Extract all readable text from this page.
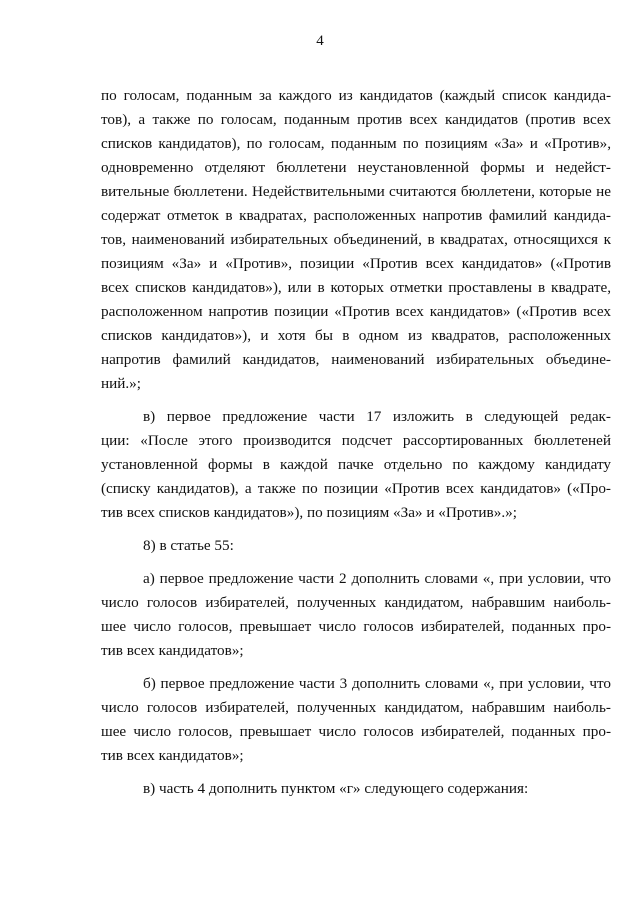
4
по голосам, поданным за каждого из кандидатов (каждый список кандида-
тов), а также по голосам, поданным против всех кандидатов (против всех
списков кандидатов), по голосам, поданным по позициям «За» и «Против»,
одновременно отделяют бюллетени неустановленной формы и недейст-
вительные бюллетени. Недействительными считаются бюллетени, которые не
содержат отметок в квадратах, расположенных напротив фамилий кандида-
тов, наименований избирательных объединений, в квадратах, относящихся к
позициям «За» и «Против», позиции «Против всех кандидатов» («Против
всех списков кандидатов»), или в которых отметки проставлены в квадрате,
расположенном напротив позиции «Против всех кандидатов» («Против всех
списков кандидатов»), и хотя бы в одном из квадратов, расположенных
напротив фамилий кандидатов, наименований избирательных объедине-
ний.»;
в) первое предложение части 17 изложить в следующей редак-
ции: «После этого производится подсчет рассортированных бюллетеней
установленной формы в каждой пачке отдельно по каждому кандидату
(списку кандидатов), а также по позиции «Против всех кандидатов» («Про-
тив всех списков кандидатов»), по позициям «За» и «Против».»;
8) в статье 55:
а) первое предложение части 2 дополнить словами «, при условии, что
число голосов избирателей, полученных кандидатом, набравшим наиболь-
шее число голосов, превышает число голосов избирателей, поданных про-
тив всех кандидатов»;
б) первое предложение части 3 дополнить словами «, при условии, что
число голосов избирателей, полученных кандидатом, набравшим наиболь-
шее число голосов, превышает число голосов избирателей, поданных про-
тив всех кандидатов»;
в) часть 4 дополнить пунктом «г» следующего содержания:
